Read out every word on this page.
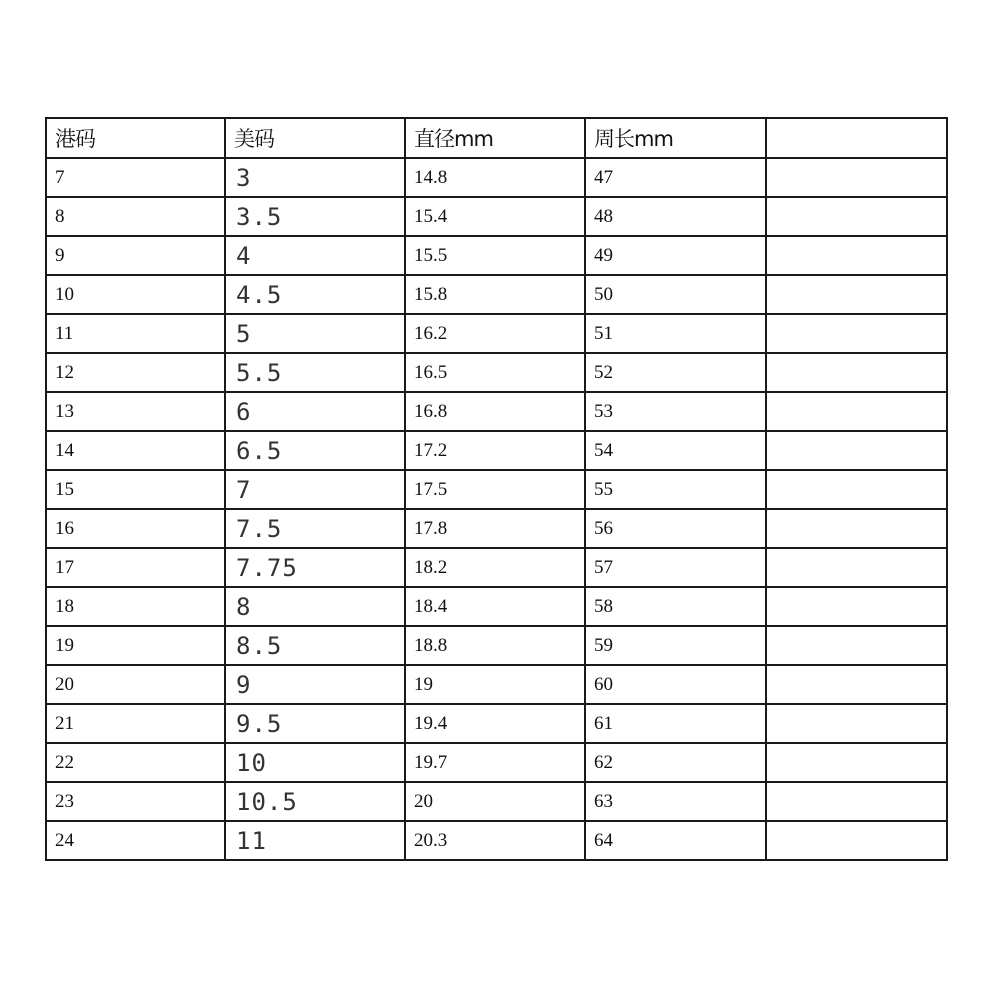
港码	美码	直径mm	周长mm	
7	3	14.8	47	
8	3.5	15.4	48	
9	4	15.5	49	
10	4.5	15.8	50	
11	5	16.2	51	
12	5.5	16.5	52	
13	6	16.8	53	
14	6.5	17.2	54	
15	7	17.5	55	
16	7.5	17.8	56	
17	7.75	18.2	57	
18	8	18.4	58	
19	8.5	18.8	59	
20	9	19	60	
21	9.5	19.4	61	
22	10	19.7	62	
23	10.5	20	63	
24	11	20.3	64	
